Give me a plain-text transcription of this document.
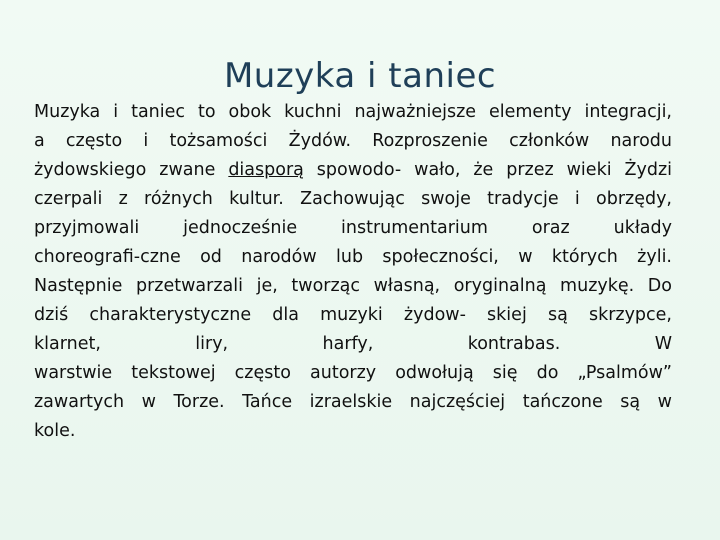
Muzyka i taniec
Muzyka i taniec to obok kuchni najważniejsze elementy integracji,
a często i tożsamości Żydów. Rozproszenie członków narodu
żydowskiego zwane diasporą spowodo- wało, że przez wieki Żydzi
czerpali z różnych kultur. Zachowując swoje tradycje i obrzędy,
przyjmowali jednocześnie instrumentarium oraz układy
choreografi-czne od narodów lub społeczności, w których żyli.
Następnie przetwarzali je, tworząc własną, oryginalną muzykę. Do
dziś charakterystyczne dla muzyki żydow- skiej są skrzypce,
klarnet, liry, harfy, kontrabas. W
warstwie tekstowej często autorzy odwołują się do „Psalmów”
zawartych w Torze. Tańce izraelskie najczęściej tańczone są w
kole.
